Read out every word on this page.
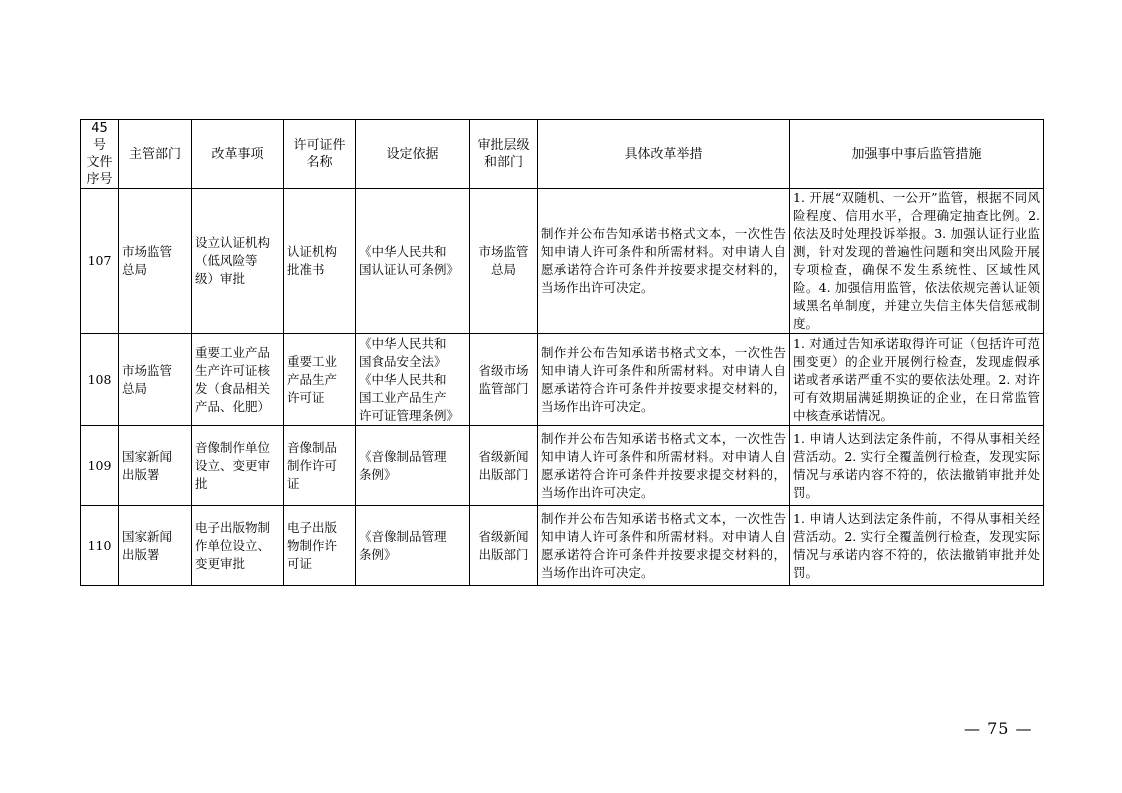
45 号
文件
序号	主管部门	改革事项	许可证件
名称	设定依据	审批层级
和部门	具体改革举措	加强事中事后监管措施
107	市场监管
总局	设立认证机构
（低风险等
级）审批	认证机构
批准书	《中华人民共和
国认证认可条例》	市场监管
总局	制作并公布告知承诺书格式文本，一次性告知申请人许可条件和所需材料。对申请人自愿承诺符合许可条件并按要求提交材料的，当场作出许可决定。	1. 开展“双随机、一公开”监管，根据不同风险程度、信用水平，合理确定抽查比例。2. 依法及时处理投诉举报。3. 加强认证行业监测，针对发现的普遍性问题和突出风险开展专项检查，确保不发生系统性、区域性风险。4. 加强信用监管，依法依规完善认证领域黑名单制度，并建立失信主体失信惩戒制度。
108	市场监管
总局	重要工业产品
生产许可证核
发（食品相关
产品、化肥）	重要工业
产品生产
许可证	《中华人民共和
国食品安全法》
《中华人民共和
国工业产品生产
许可证管理条例》	省级市场
监管部门	制作并公布告知承诺书格式文本，一次性告知申请人许可条件和所需材料。对申请人自愿承诺符合许可条件并按要求提交材料的，当场作出许可决定。	1. 对通过告知承诺取得许可证（包括许可范围变更）的企业开展例行检查，发现虚假承诺或者承诺严重不实的要依法处理。2. 对许可有效期届满延期换证的企业，在日常监管中核查承诺情况。
109	国家新闻
出版署	音像制作单位
设立、变更审
批	音像制品
制作许可
证	《音像制品管理
条例》	省级新闻
出版部门	制作并公布告知承诺书格式文本，一次性告知申请人许可条件和所需材料。对申请人自愿承诺符合许可条件并按要求提交材料的，当场作出许可决定。	1. 申请人达到法定条件前，不得从事相关经营活动。2. 实行全覆盖例行检查，发现实际情况与承诺内容不符的，依法撤销审批并处罚。
110	国家新闻
出版署	电子出版物制
作单位设立、
变更审批	电子出版
物制作许
可证	《音像制品管理
条例》	省级新闻
出版部门	制作并公布告知承诺书格式文本，一次性告知申请人许可条件和所需材料。对申请人自愿承诺符合许可条件并按要求提交材料的，当场作出许可决定。	1. 申请人达到法定条件前，不得从事相关经营活动。2. 实行全覆盖例行检查，发现实际情况与承诺内容不符的，依法撤销审批并处罚。
— 75 —
